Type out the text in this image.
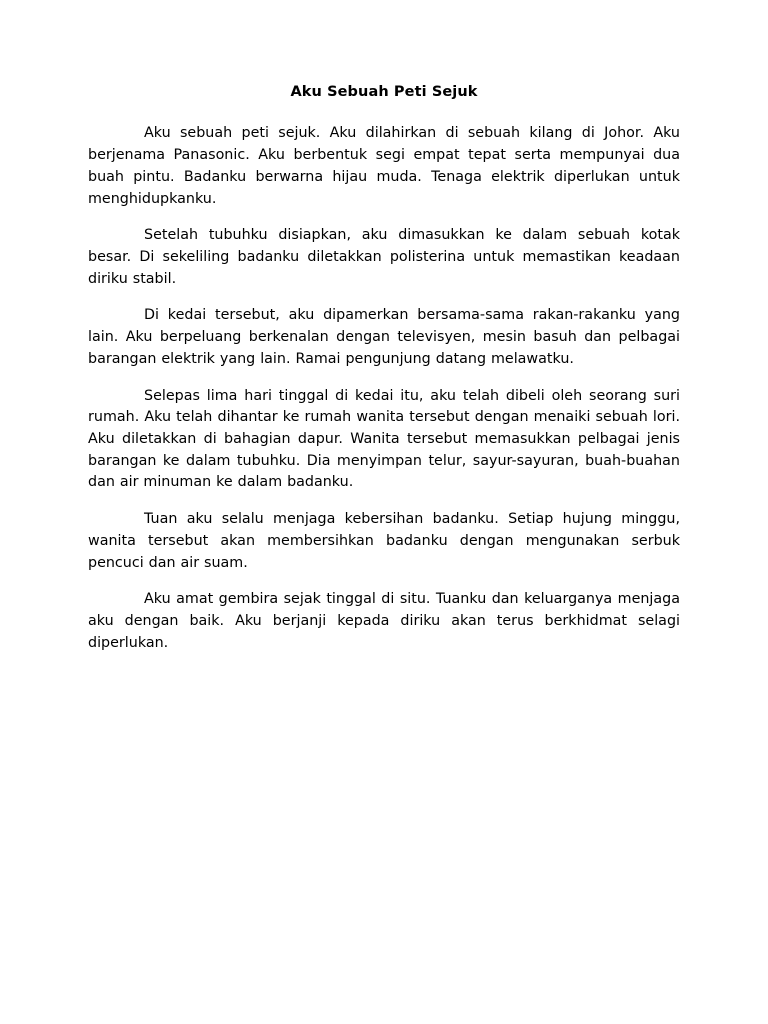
Aku Sebuah Peti Sejuk

Aku sebuah peti sejuk. Aku dilahirkan di sebuah kilang di Johor. Aku berjenama Panasonic. Aku berbentuk segi empat tepat serta mempunyai dua buah pintu. Badanku berwarna hijau muda. Tenaga elektrik diperlukan untuk menghidupkanku.

Setelah tubuhku disiapkan, aku dimasukkan ke dalam sebuah kotak besar. Di sekeliling badanku diletakkan polisterina untuk memastikan keadaan diriku stabil.

Di kedai tersebut, aku dipamerkan bersama-sama rakan-rakanku yang lain. Aku berpeluang berkenalan dengan televisyen, mesin basuh dan pelbagai barangan elektrik yang lain. Ramai pengunjung datang melawatku.

Selepas lima hari tinggal di kedai itu, aku telah dibeli oleh seorang suri rumah. Aku telah dihantar ke rumah wanita tersebut dengan menaiki sebuah lori. Aku diletakkan di bahagian dapur. Wanita tersebut memasukkan pelbagai jenis barangan ke dalam tubuhku. Dia menyimpan telur, sayur-sayuran, buah-buahan dan air minuman ke dalam badanku.

Tuan aku selalu menjaga kebersihan badanku. Setiap hujung minggu, wanita tersebut akan membersihkan badanku dengan mengunakan serbuk pencuci dan air suam.

Aku amat gembira sejak tinggal di situ. Tuanku dan keluarganya menjaga aku dengan baik. Aku berjanji kepada diriku akan terus berkhidmat selagi diperlukan.
